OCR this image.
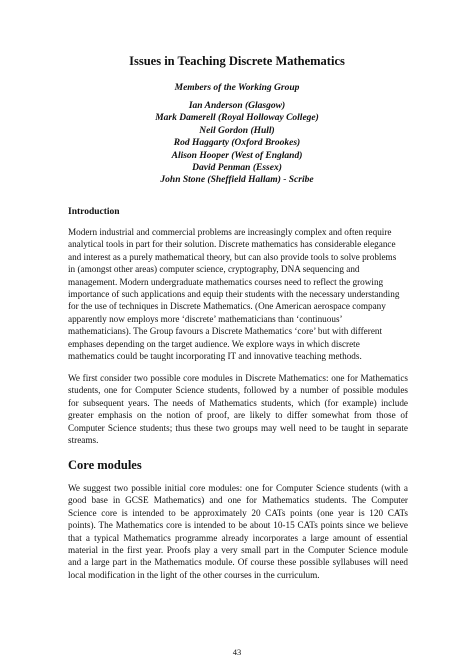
Issues in Teaching Discrete Mathematics
Members of the Working Group
Ian Anderson (Glasgow)
Mark Damerell (Royal Holloway College)
Neil Gordon (Hull)
Rod Haggarty (Oxford Brookes)
Alison Hooper (West of England)
David Penman (Essex)
John Stone (Sheffield Hallam) - Scribe
Introduction
Modern industrial and commercial problems are increasingly complex and often require
analytical tools in part for their solution. Discrete mathematics has considerable elegance
and interest as a purely mathematical theory, but can also provide tools to solve problems
in (amongst other areas) computer science, cryptography, DNA sequencing and
management. Modern undergraduate mathematics courses need to reflect the growing
importance of such applications and equip their students with the necessary understanding
for the use of techniques in Discrete Mathematics. (One American aerospace company
apparently now employs more ‘discrete’ mathematicians than ‘continuous’
mathematicians). The Group favours a Discrete Mathematics ‘core’ but with different
emphases depending on the target audience. We explore ways in which discrete
mathematics could be taught incorporating IT and innovative teaching methods.
We first consider two possible core modules in Discrete Mathematics: one for Mathematics
students, one for Computer Science students, followed by a number of possible modules
for subsequent years. The needs of Mathematics students, which (for example) include
greater emphasis on the notion of proof, are likely to differ somewhat from those of
Computer Science students; thus these two groups may well need to be taught in separate
streams.
Core modules
We suggest two possible initial core modules: one for Computer Science students (with a
good base in GCSE Mathematics) and one for Mathematics students. The Computer
Science core is intended to be approximately 20 CATs points (one year is 120 CATs
points). The Mathematics core is intended to be about 10-15 CATs points since we believe
that a typical Mathematics programme already incorporates a large amount of essential
material in the first year. Proofs play a very small part in the Computer Science module
and a large part in the Mathematics module. Of course these possible syllabuses will need
local modification in the light of the other courses in the curriculum.
43
